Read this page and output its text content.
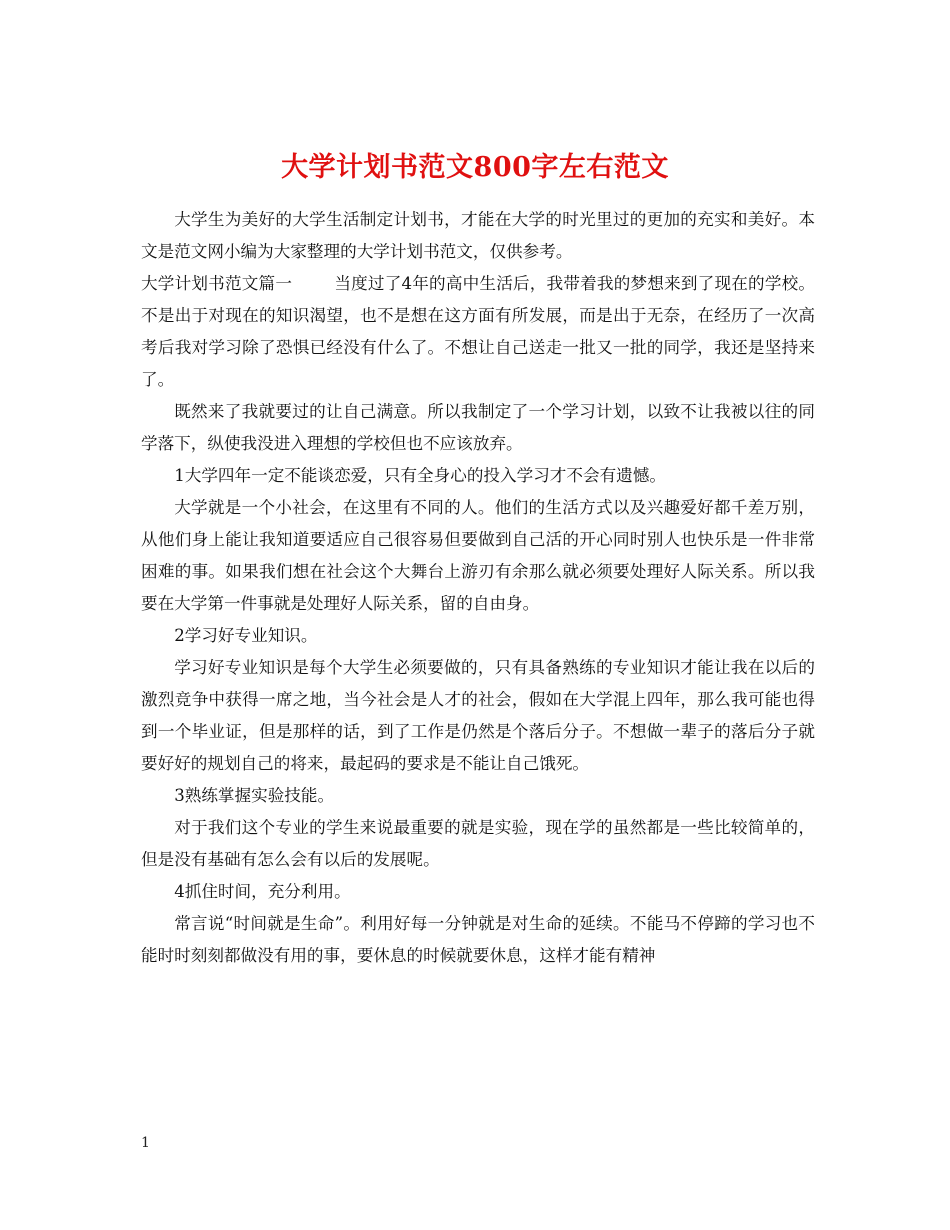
大学计划书范文800字左右范文

大学生为美好的大学生活制定计划书，才能在大学的时光里过的更加的充实和美好。本文是范文网小编为大家整理的大学计划书范文，仅供参考。

大学计划书范文篇一	当度过了4年的高中生活后，我带着我的梦想来到了现在的学校。不是出于对现在的知识渴望，也不是想在这方面有所发展，而是出于无奈，在经历了一次高考后我对学习除了恐惧已经没有什么了。不想让自己送走一批又一批的同学，我还是坚持来了。

既然来了我就要过的让自己满意。所以我制定了一个学习计划，以致不让我被以往的同学落下，纵使我没进入理想的学校但也不应该放弃。

1大学四年一定不能谈恋爱，只有全身心的投入学习才不会有遗憾。

大学就是一个小社会，在这里有不同的人。他们的生活方式以及兴趣爱好都千差万别，从他们身上能让我知道要适应自己很容易但要做到自己活的开心同时别人也快乐是一件非常困难的事。如果我们想在社会这个大舞台上游刃有余那么就必须要处理好人际关系。所以我要在大学第一件事就是处理好人际关系，留的自由身。

2学习好专业知识。

学习好专业知识是每个大学生必须要做的，只有具备熟练的专业知识才能让我在以后的激烈竞争中获得一席之地，当今社会是人才的社会，假如在大学混上四年，那么我可能也得到一个毕业证，但是那样的话，到了工作是仍然是个落后分子。不想做一辈子的落后分子就要好好的规划自己的将来，最起码的要求是不能让自己饿死。

3熟练掌握实验技能。

对于我们这个专业的学生来说最重要的就是实验，现在学的虽然都是一些比较简单的，但是没有基础有怎么会有以后的发展呢。

4抓住时间，充分利用。

常言说“时间就是生命”。利用好每一分钟就是对生命的延续。不能马不停蹄的学习也不能时时刻刻都做没有用的事，要休息的时候就要休息，这样才能有精神

1
